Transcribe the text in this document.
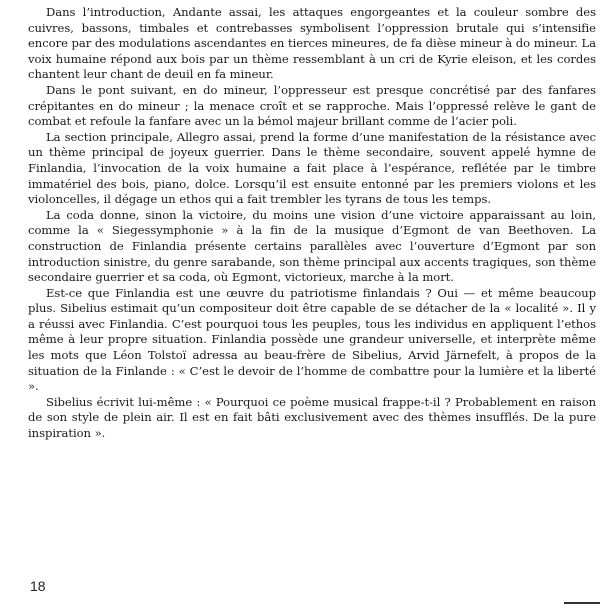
Dans l’introduction, Andante assai, les attaques engorgeantes et la couleur sombre des cuivres, bassons, timbales et contrebasses symbolisent l’oppression brutale qui s’intensifie encore par des modulations ascendantes en tierces mineures, de fa dièse mineur à do mineur. La voix humaine répond aux bois par un thème ressemblant à un cri de Kyrie eleison, et les cordes chantent leur chant de deuil en fa mineur.

Dans le pont suivant, en do mineur, l’oppresseur est presque concrétisé par des fanfares crépitantes en do mineur ; la menace croît et se rapproche. Mais l’oppressé relève le gant de combat et refoule la fanfare avec un la bémol majeur brillant comme de l’acier poli.

La section principale, Allegro assai, prend la forme d’une manifestation de la résistance avec un thème principal de joyeux guerrier. Dans le thème secondaire, souvent appelé hymne de Finlandia, l’invocation de la voix humaine a fait place à l’espérance, reflétée par le timbre immatériel des bois, piano, dolce. Lorsqu’il est ensuite entonné par les premiers violons et les violoncelles, il dégage un ethos qui a fait trembler les tyrans de tous les temps.

La coda donne, sinon la victoire, du moins une vision d’une victoire apparaissant au loin, comme la « Siegessymphonie » à la fin de la musique d’Egmont de van Beethoven. La construction de Finlandia présente certains parallèles avec l’ouverture d’Egmont par son introduction sinistre, du genre sarabande, son thème principal aux accents tragiques, son thème secondaire guerrier et sa coda, où Egmont, victorieux, marche à la mort.

Est-ce que Finlandia est une œuvre du patriotisme finlandais ? Oui — et même beaucoup plus. Sibelius estimait qu’un compositeur doit être capable de se détacher de la « localité ». Il y a réussi avec Finlandia. C’est pourquoi tous les peuples, tous les individus en appliquent l’ethos même à leur propre situation. Finlandia possède une grandeur universelle, et interprète même les mots que Léon Tolstoï adressa au beau-frère de Sibelius, Arvid Järnefelt, à propos de la situation de la Finlande : « C’est le devoir de l’homme de combattre pour la lumière et la liberté ».

Sibelius écrivit lui-même : « Pourquoi ce poème musical frappe-t-il ? Probablement en raison de son style de plein air. Il est en fait bâti exclusivement avec des thèmes insufflés. De la pure inspiration ».

18
